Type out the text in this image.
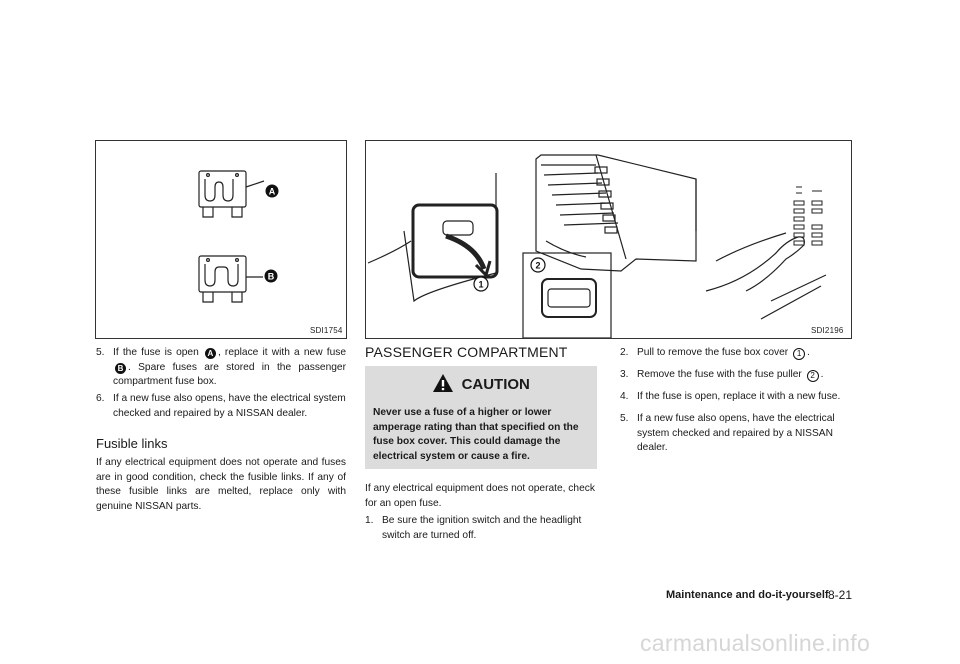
A
B
SDI1754
1
2
SDI2196
5. If the fuse is open A , replace it with a new fuse B . Spare fuses are stored in the passenger compartment fuse box.
6. If a new fuse also opens, have the electrical system checked and repaired by a NISSAN dealer.
Fusible links
If any electrical equipment does not operate and fuses are in good condition, check the fusible links. If any of these fusible links are melted, replace only with genuine NISSAN parts.
PASSENGER COMPARTMENT
CAUTION
Never use a fuse of a higher or lower amperage rating than that specified on the fuse box cover. This could damage the electrical system or cause a fire.
If any electrical equipment does not operate, check for an open fuse.
1. Be sure the ignition switch and the headlight switch are turned off.
2. Pull to remove the fuse box cover 1 .
3. Remove the fuse with the fuse puller 2 .
4. If the fuse is open, replace it with a new fuse.
5. If a new fuse also opens, have the electrical system checked and repaired by a NISSAN dealer.
Maintenance and do-it-yourself 8-21
carmanualsonline.info
